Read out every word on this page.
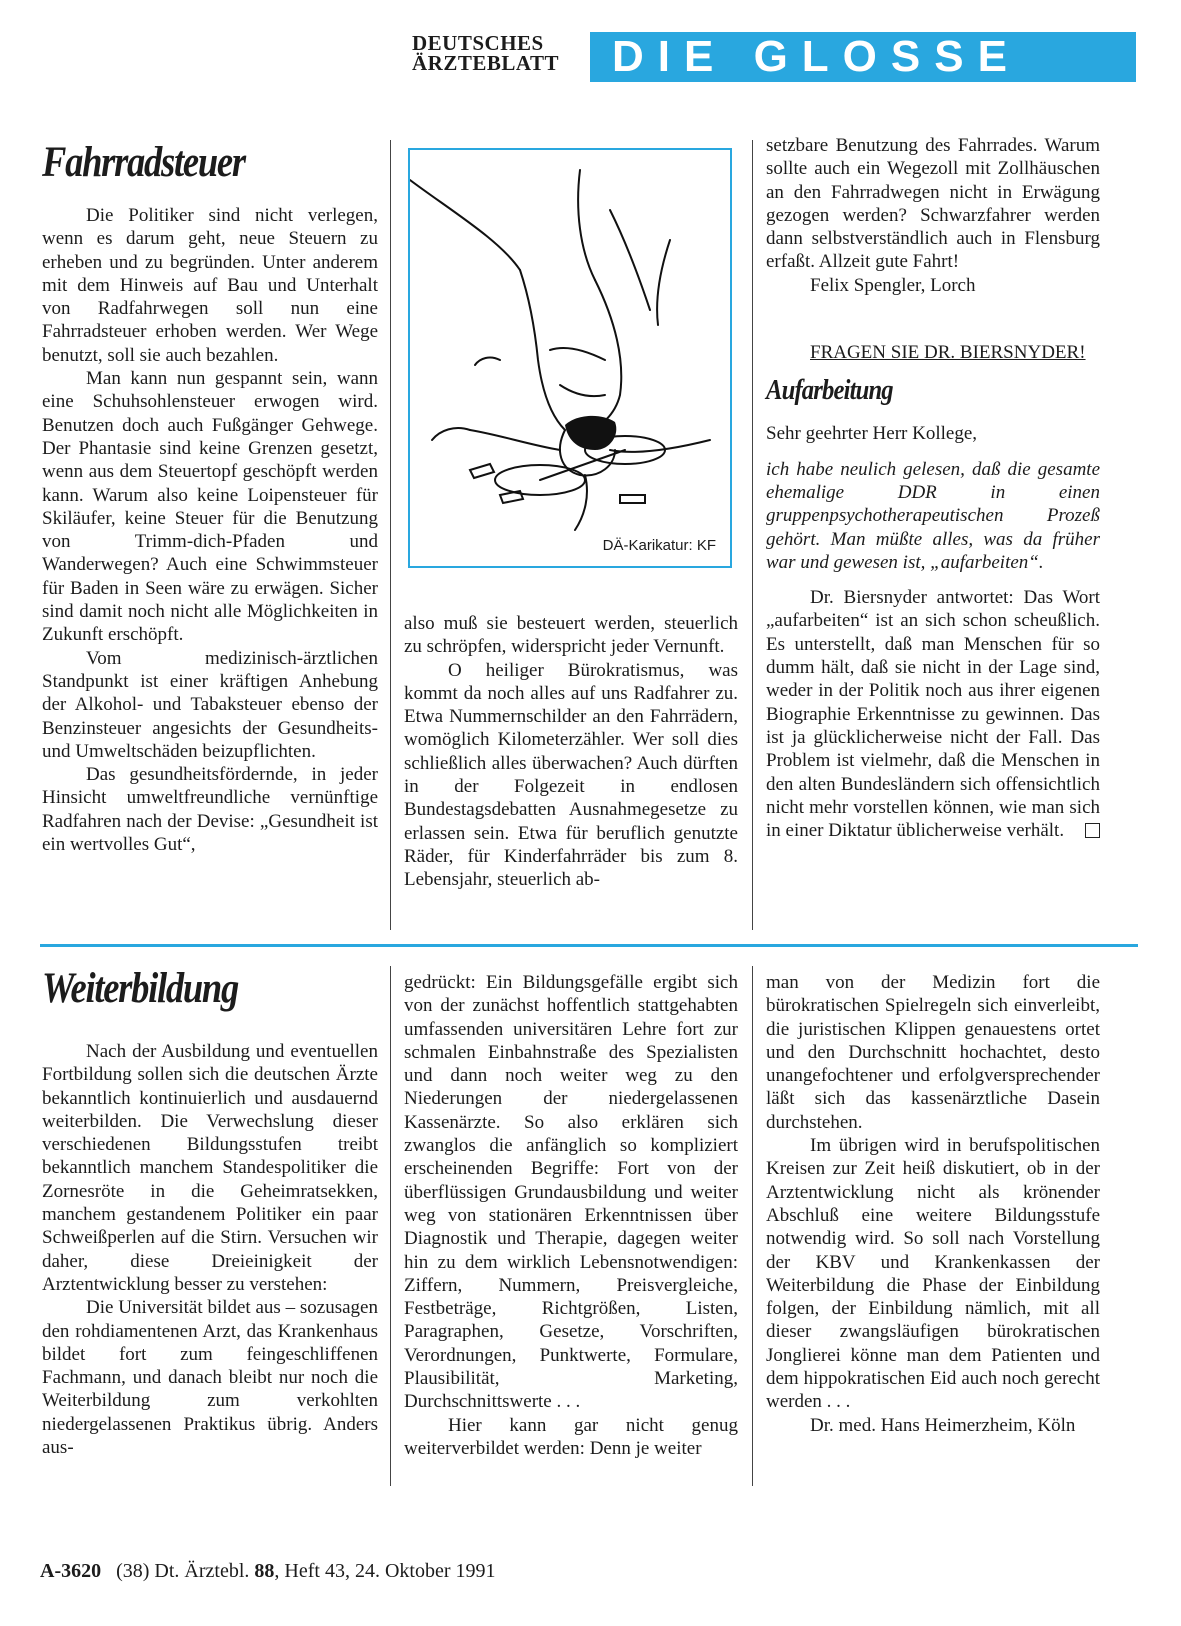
DEUTSCHES
ÄRZTEBLATT	DIE GLOSSE
Fahrradsteuer

Die Politiker sind nicht verlegen, wenn es darum geht, neue Steuern zu erheben und zu begründen. Unter anderem mit dem Hinweis auf Bau und Unterhalt von Radfahrwegen soll nun eine Fahrradsteuer erhoben werden. Wer Wege benutzt, soll sie auch bezahlen.

Man kann nun gespannt sein, wann eine Schuhsohlensteuer erwogen wird. Benutzen doch auch Fußgänger Gehwege. Der Phantasie sind keine Grenzen gesetzt, wenn aus dem Steuertopf geschöpft werden kann. Warum also keine Loipensteuer für Skiläufer, keine Steuer für die Benutzung von Trimm-dich-Pfaden und Wanderwegen? Auch eine Schwimmsteuer für Baden in Seen wäre zu erwägen. Sicher sind damit noch nicht alle Möglichkeiten in Zukunft erschöpft.

Vom medizinisch-ärztlichen Standpunkt ist einer kräftigen Anhebung der Alkohol- und Tabaksteuer ebenso der Benzinsteuer angesichts der Gesundheits- und Umweltschäden beizupflichten.

Das gesundheitsfördernde, in jeder Hinsicht umweltfreundliche vernünftige Radfahren nach der Devise: „Gesundheit ist ein wertvolles Gut“,

DÄ-Karikatur: KF

also muß sie besteuert werden, steuerlich zu schröpfen, widerspricht jeder Vernunft.

O heiliger Bürokratismus, was kommt da noch alles auf uns Radfahrer zu. Etwa Nummernschilder an den Fahrrädern, womöglich Kilometerzähler. Wer soll dies schließlich alles überwachen? Auch dürften in der Folgezeit in endlosen Bundestagsdebatten Ausnahmegesetze zu erlassen sein. Etwa für beruflich genutzte Räder, für Kinderfahrräder bis zum 8. Lebensjahr, steuerlich ab-

setzbare Benutzung des Fahrrades. Warum sollte auch ein Wegezoll mit Zollhäuschen an den Fahrradwegen nicht in Erwägung gezogen werden? Schwarzfahrer werden dann selbstverständlich auch in Flensburg erfaßt. Allzeit gute Fahrt!

Felix Spengler, Lorch

FRAGEN SIE DR. BIERSNYDER!

Aufarbeitung

Sehr geehrter Herr Kollege,

ich habe neulich gelesen, daß die gesamte ehemalige DDR in einen gruppenpsychotherapeutischen Prozeß gehört. Man müßte alles, was da früher war und gewesen ist, „aufarbeiten“.

Dr. Biersnyder antwortet: Das Wort „aufarbeiten“ ist an sich schon scheußlich. Es unterstellt, daß man Menschen für so dumm hält, daß sie nicht in der Lage sind, weder in der Politik noch aus ihrer eigenen Biographie Erkenntnisse zu gewinnen. Das ist ja glücklicherweise nicht der Fall. Das Problem ist vielmehr, daß die Menschen in den alten Bundesländern sich offensichtlich nicht mehr vorstellen können, wie man sich in einer Diktatur üblicherweise verhält.

Weiterbildung

Nach der Ausbildung und eventuellen Fortbildung sollen sich die deutschen Ärzte bekanntlich kontinuierlich und ausdauernd weiterbilden. Die Verwechslung dieser verschiedenen Bildungsstufen treibt bekanntlich manchem Standespolitiker die Zornesröte in die Geheimratsekken, manchem gestandenem Politiker ein paar Schweißperlen auf die Stirn. Versuchen wir daher, diese Dreieinigkeit der Arztentwicklung besser zu verstehen:

Die Universität bildet aus – sozusagen den rohdiamentenen Arzt, das Krankenhaus bildet fort zum feingeschliffenen Fachmann, und danach bleibt nur noch die Weiterbildung zum verkohlten niedergelassenen Praktikus übrig. Anders aus-

gedrückt: Ein Bildungsgefälle ergibt sich von der zunächst hoffentlich stattgehabten umfassenden universitären Lehre fort zur schmalen Einbahnstraße des Spezialisten und dann noch weiter weg zu den Niederungen der niedergelassenen Kassenärzte. So also erklären sich zwanglos die anfänglich so kompliziert erscheinenden Begriffe: Fort von der überflüssigen Grundausbildung und weiter weg von stationären Erkenntnissen über Diagnostik und Therapie, dagegen weiter hin zu dem wirklich Lebensnotwendigen: Ziffern, Nummern, Preisvergleiche, Festbeträge, Richtgrößen, Listen, Paragraphen, Gesetze, Vorschriften, Verordnungen, Punktwerte, Formulare, Plausibilität, Marketing, Durchschnittswerte . . .

Hier kann gar nicht genug weiterverbildet werden: Denn je weiter

man von der Medizin fort die bürokratischen Spielregeln sich einverleibt, die juristischen Klippen genauestens ortet und den Durchschnitt hochachtet, desto unangefochtener und erfolgversprechender läßt sich das kassenärztliche Dasein durchstehen.

Im übrigen wird in berufspolitischen Kreisen zur Zeit heiß diskutiert, ob in der Arztentwicklung nicht als krönender Abschluß eine weitere Bildungsstufe notwendig wird. So soll nach Vorstellung der KBV und Krankenkassen der Weiterbildung die Phase der Einbildung folgen, der Einbildung nämlich, mit all dieser zwangsläufigen bürokratischen Jonglierei könne man dem Patienten und dem hippokratischen Eid auch noch gerecht werden . . .

Dr. med. Hans Heimerzheim, Köln

A-3620 (38) Dt. Ärztebl. 88, Heft 43, 24. Oktober 1991
